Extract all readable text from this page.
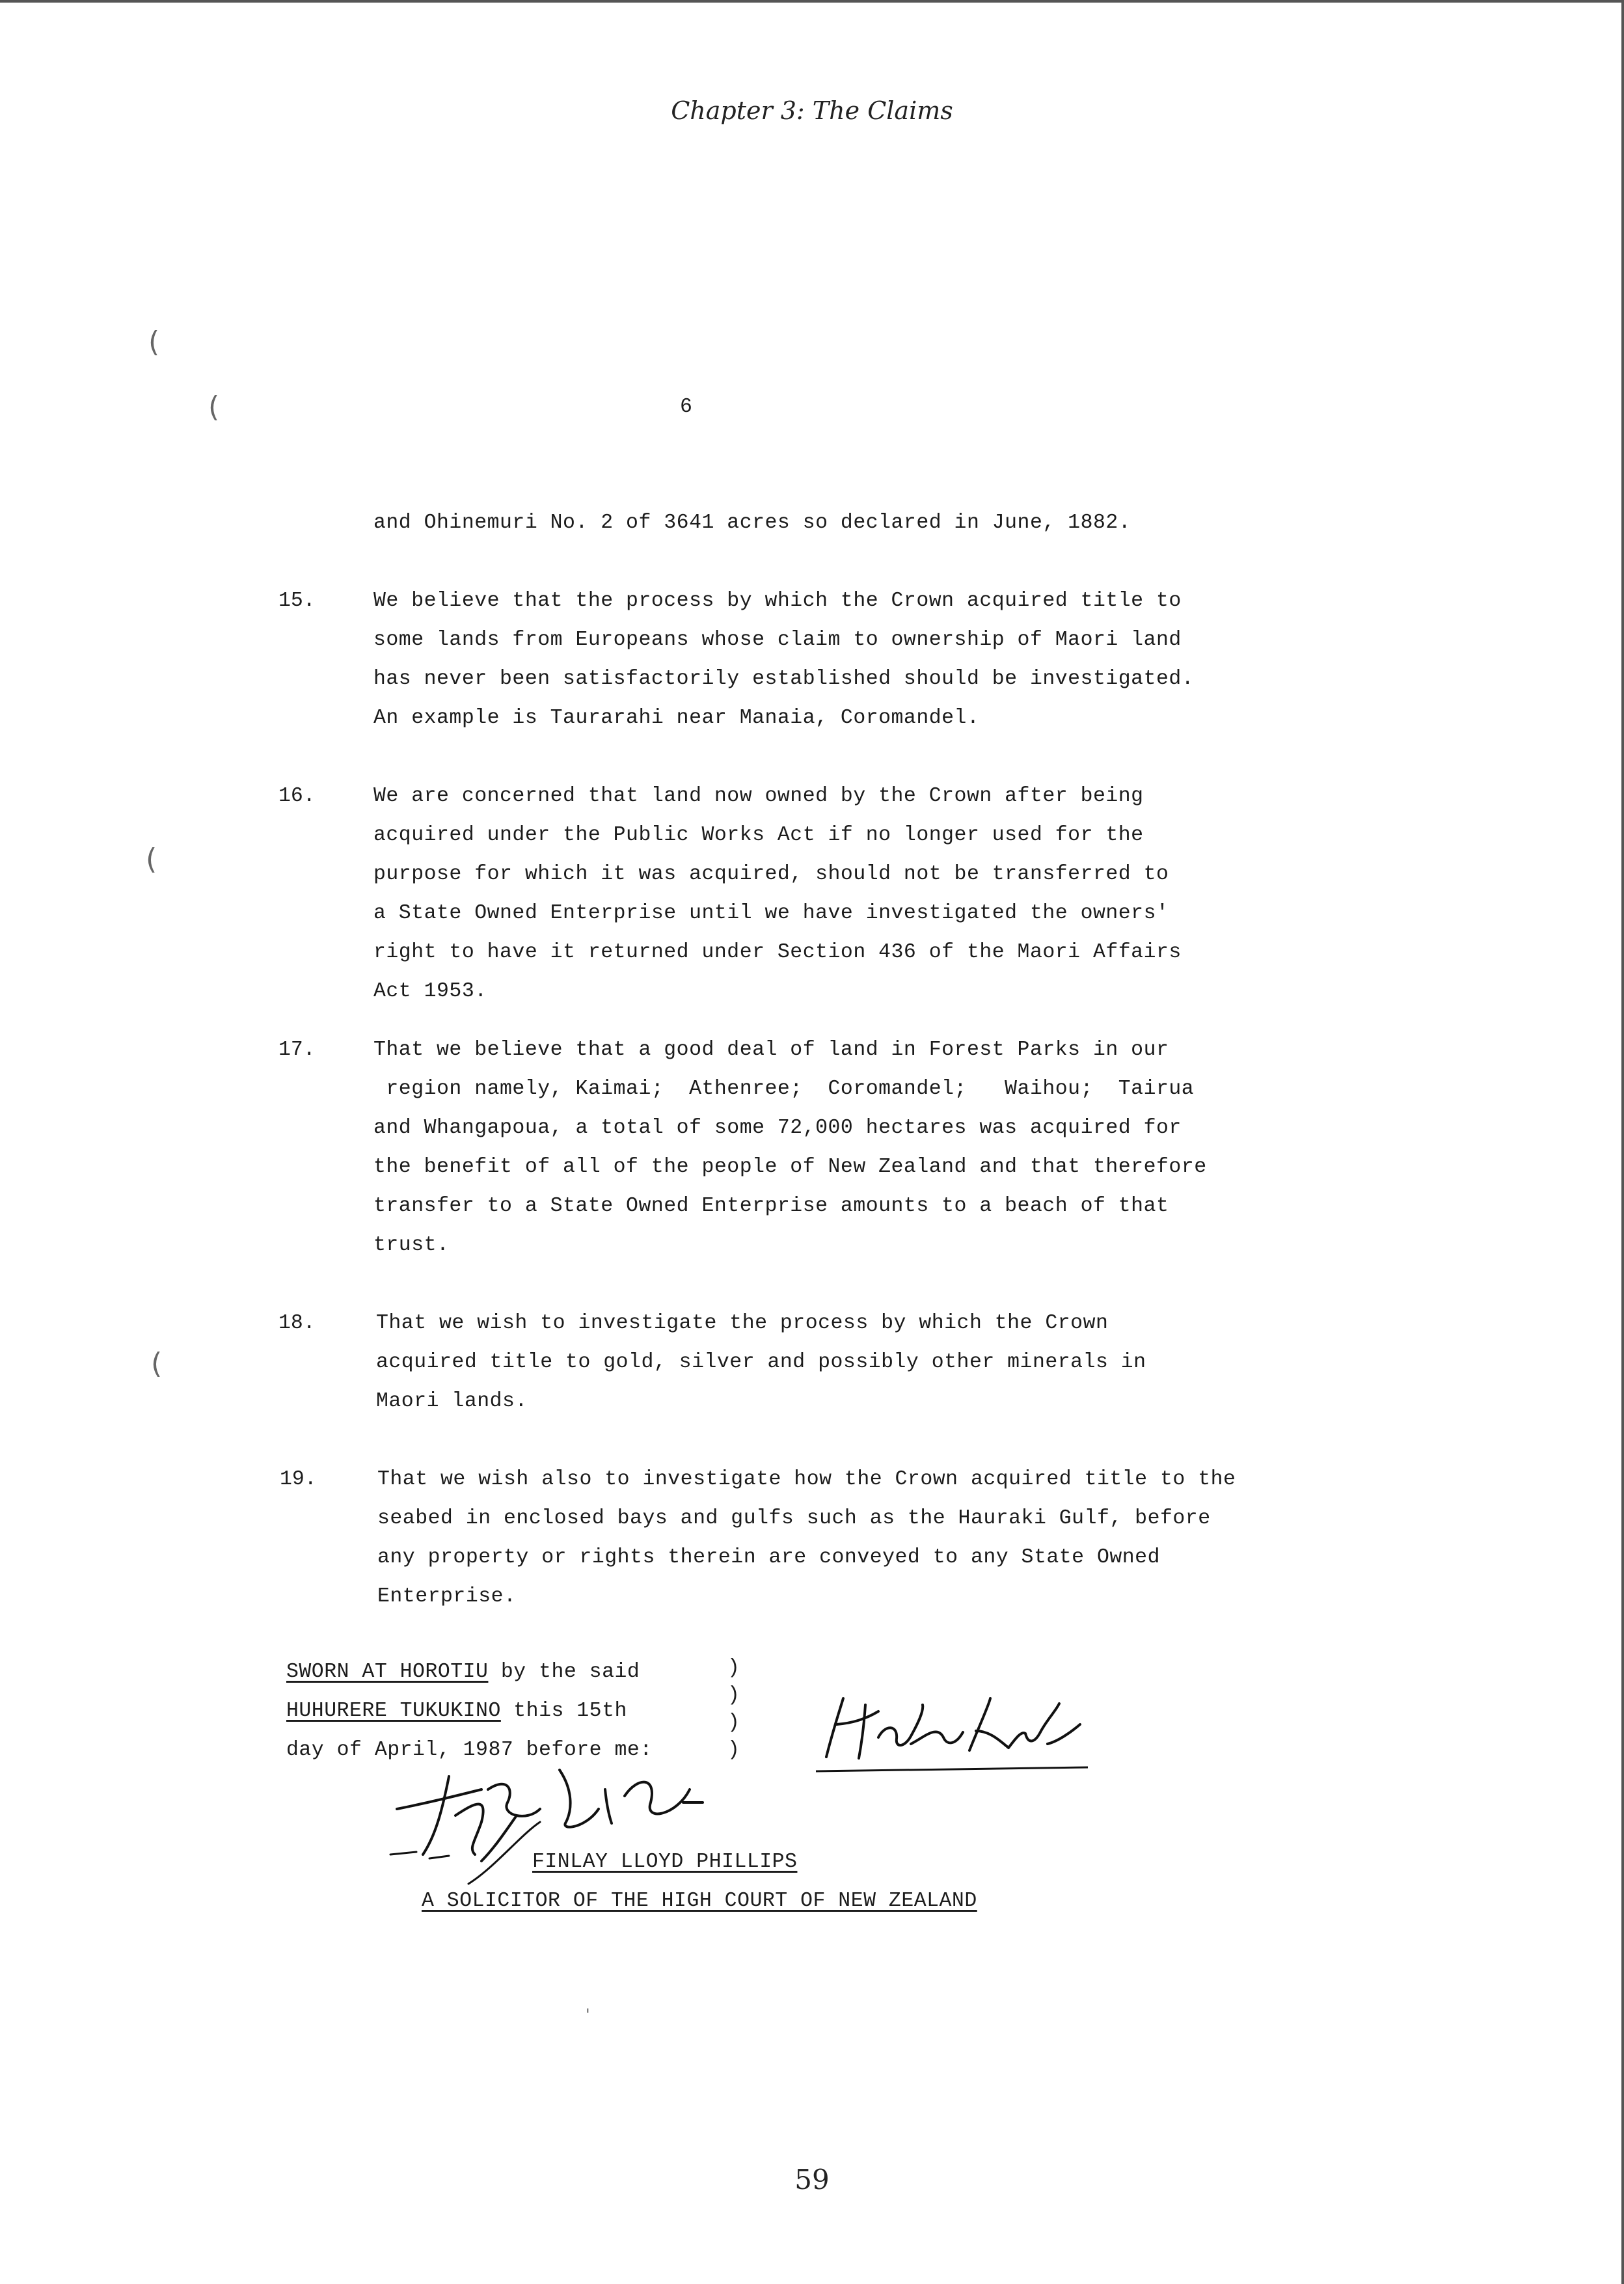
Chapter 3: The Claims
(
(
(
(
6
and Ohinemuri No. 2 of 3641 acres so declared in June, 1882.
15.	We believe that the process by which the Crown acquired title to
some lands from Europeans whose claim to ownership of Maori land
has never been satisfactorily established should be investigated.
An example is Taurarahi near Manaia, Coromandel.
16.	We are concerned that land now owned by the Crown after being
acquired under the Public Works Act if no longer used for the
purpose for which it was acquired, should not be transferred to
a State Owned Enterprise until we have investigated the owners'
right to have it returned under Section 436 of the Maori Affairs
Act 1953.
17.	That we believe that a good deal of land in Forest Parks in our
region namely, Kaimai;  Athenree;  Coromandel;   Waihou;  Tairua
and Whangapoua, a total of some 72,000 hectares was acquired for
the benefit of all of the people of New Zealand and that therefore
transfer to a State Owned Enterprise amounts to a beach of that
trust.
18.	That we wish to investigate the process by which the Crown
acquired title to gold, silver and possibly other minerals in
Maori lands.
19.	That we wish also to investigate how the Crown acquired title to the
seabed in enclosed bays and gulfs such as the Hauraki Gulf, before
any property or rights therein are conveyed to any State Owned
Enterprise.
SWORN AT HOROTIU by the said
HUHURERE TUKUKINO this 15th
day of April, 1987 before me:
)
)
)
)
FINLAY LLOYD PHILLIPS
A SOLICITOR OF THE HIGH COURT OF NEW ZEALAND
'
59
